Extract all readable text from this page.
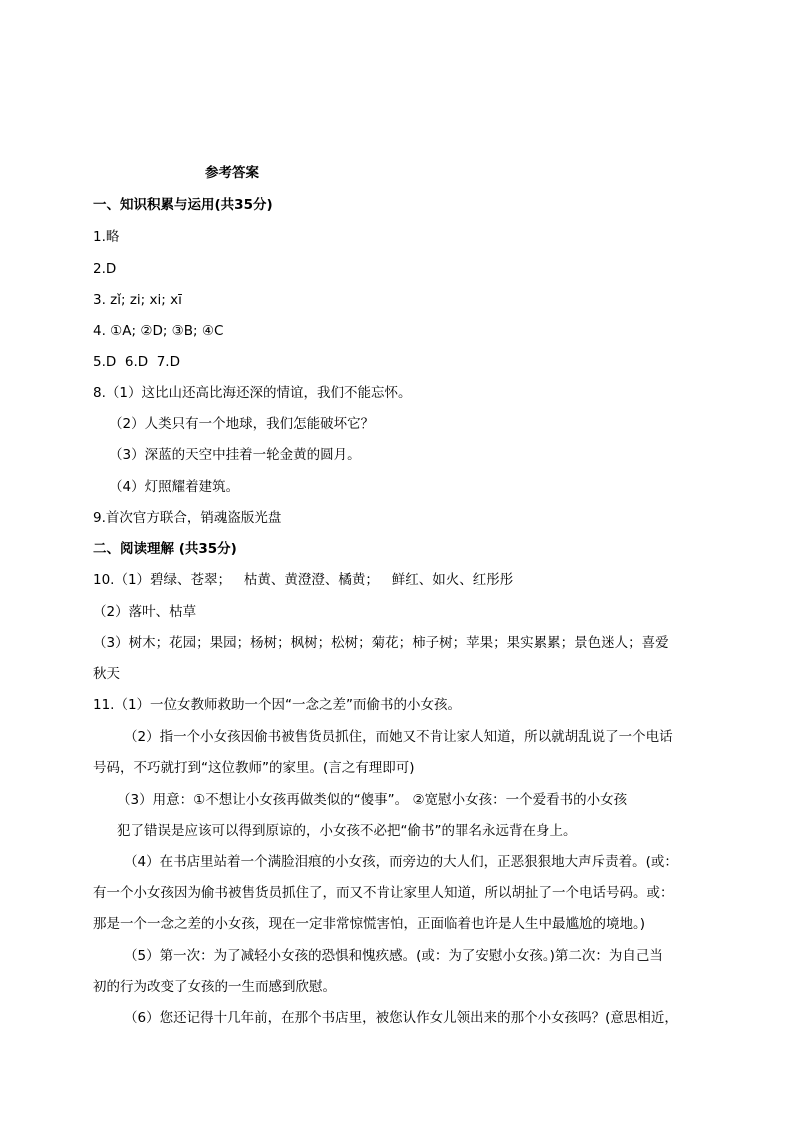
参考答案
一、知识积累与运用(共35分)
1.略
2.D
3. zǐ; zi; xi; xī
4. ①A; ②D; ③B; ④C
5.D  6.D  7.D
8.（1）这比山还高比海还深的情谊，我们不能忘怀。
（2）人类只有一个地球，我们怎能破坏它？
（3）深蓝的天空中挂着一轮金黄的圆月。
（4）灯照耀着建筑。
9.首次官方联合，销魂盗版光盘
二、阅读理解 (共35分)
10.（1）碧绿、苍翠；   枯黄、黄澄澄、橘黄；   鲜红、如火、红彤彤
（2）落叶、枯草
（3）树木；花园；果园；杨树；枫树；松树；菊花；柿子树；苹果；果实累累；景色迷人；喜爱
秋天
11.（1）一位女教师救助一个因“一念之差”而偷书的小女孩。
（2）指一个小女孩因偷书被售货员抓住，而她又不肯让家人知道，所以就胡乱说了一个电话
号码，不巧就打到“这位教师”的家里。(言之有理即可)
（3）用意：①不想让小女孩再做类似的“傻事”。 ②宽慰小女孩：一个爱看书的小女孩
犯了错误是应该可以得到原谅的，小女孩不必把“偷书”的罪名永远背在身上。
（4）在书店里站着一个满脸泪痕的小女孩，而旁边的大人们，正恶狠狠地大声斥责着。(或：
有一个小女孩因为偷书被售货员抓住了，而又不肯让家里人知道，所以胡扯了一个电话号码。或：
那是一个一念之差的小女孩，现在一定非常惊慌害怕，正面临着也许是人生中最尴尬的境地。)
（5）第一次：为了减轻小女孩的恐惧和愧疚感。(或：为了安慰小女孩。)第二次：为自己当
初的行为改变了女孩的一生而感到欣慰。
（6）您还记得十几年前，在那个书店里，被您认作女儿领出来的那个小女孩吗？(意思相近，
